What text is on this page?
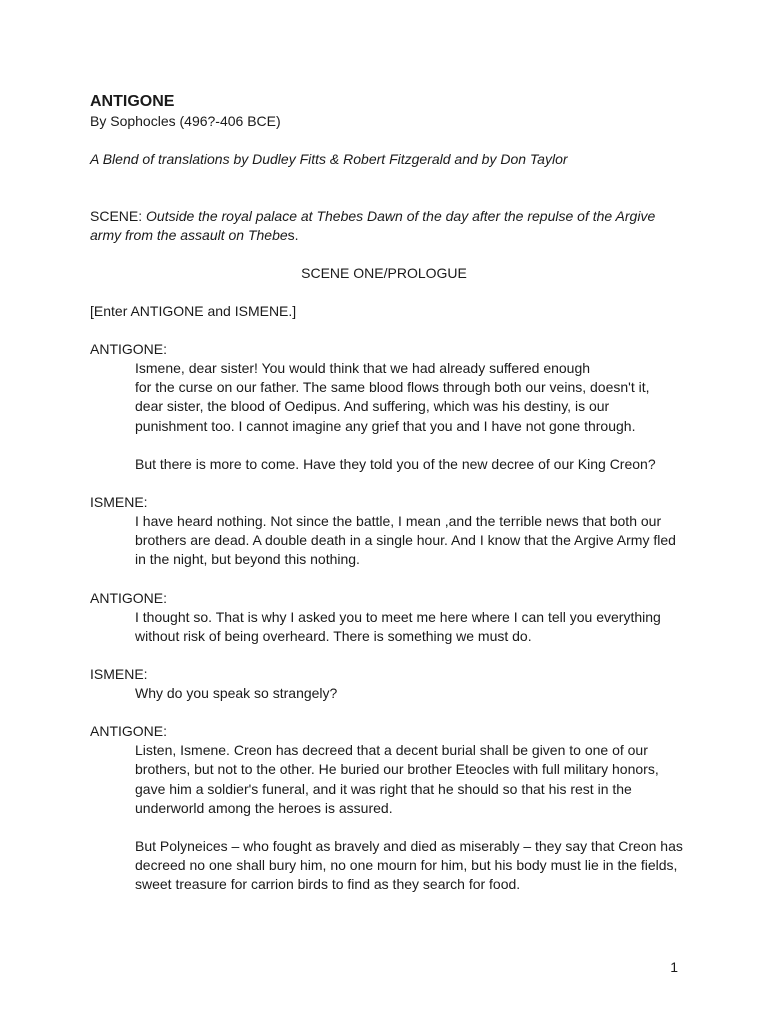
ANTIGONE

By Sophocles (496?-406 BCE)

A Blend of translations by Dudley Fitts & Robert Fitzgerald and by Don Taylor

SCENE: Outside the royal palace at Thebes Dawn of the day after the repulse of the Argive

army from the assault on Thebes.

SCENE ONE/PROLOGUE

[Enter ANTIGONE and ISMENE.]

ANTIGONE:

Ismene, dear sister! You would think that we had already suffered enough

for the curse on our father. The same blood flows through both our veins, doesn't it,

dear sister, the blood of Oedipus. And suffering, which was his destiny, is our

punishment too. I cannot imagine any grief that you and I have not gone through.

But there is more to come. Have they told you of the new decree of our King Creon?

ISMENE:

I have heard nothing. Not since the battle, I mean ,and the terrible news that both our

brothers are dead. A double death in a single hour. And I know that the Argive Army fled

in the night, but beyond this nothing.

ANTIGONE:

I thought so. That is why I asked you to meet me here where I can tell you everything

without risk of being overheard. There is something we must do.

ISMENE:

Why do you speak so strangely?

ANTIGONE:

Listen, Ismene. Creon has decreed that a decent burial shall be given to one of our

brothers, but not to the other. He buried our brother Eteocles with full military honors,

gave him a soldier's funeral, and it was right that he should so that his rest in the

underworld among the heroes is assured.

But Polyneices – who fought as bravely and died as miserably – they say that Creon has

decreed no one shall bury him, no one mourn for him, but his body must lie in the fields,

sweet treasure for carrion birds to find as they search for food.

1
